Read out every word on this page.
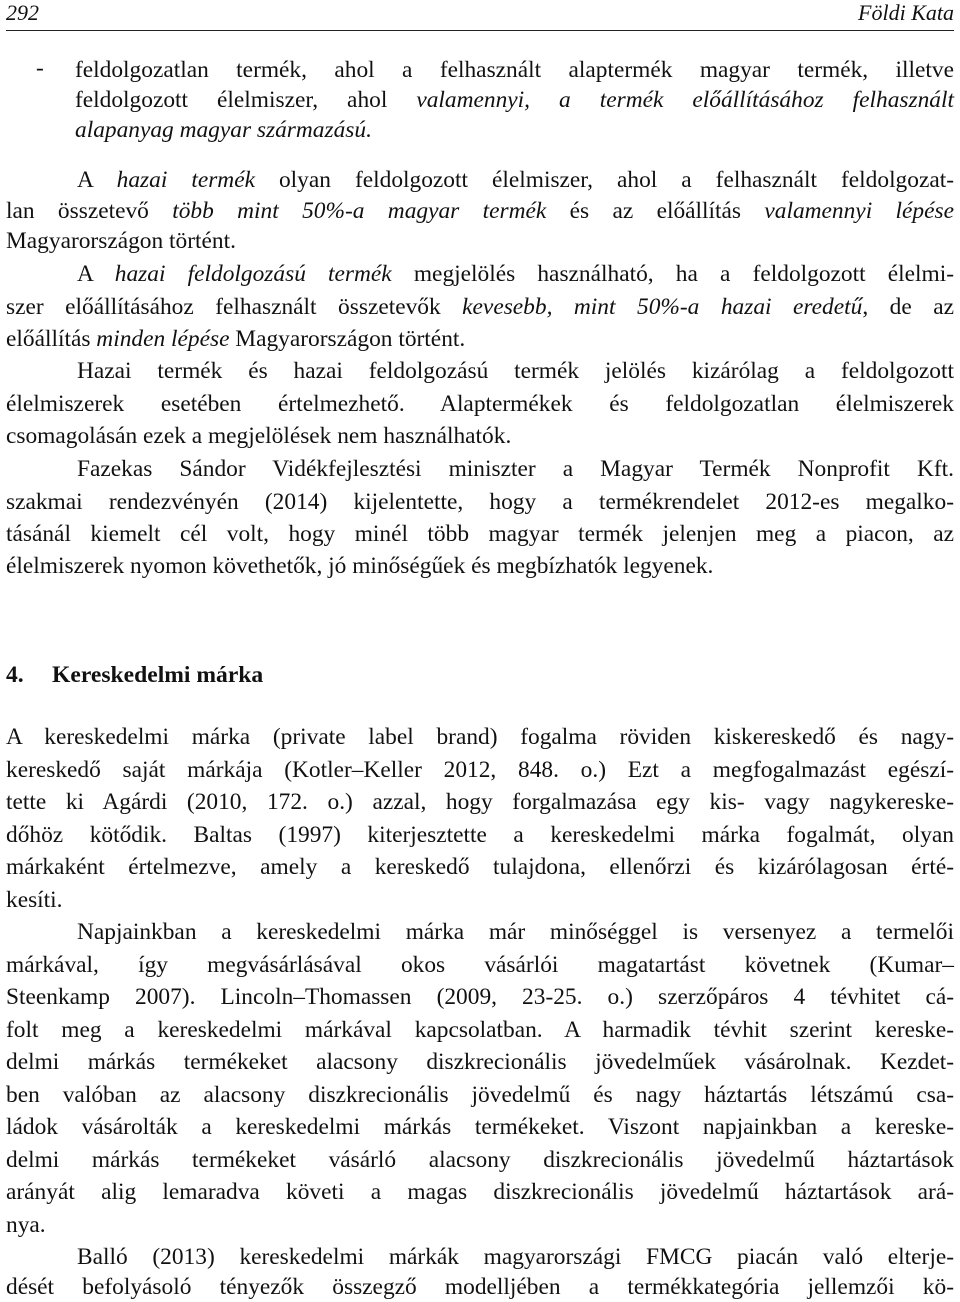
292	Földi Kata
- feldolgozatlan termék, ahol a felhasznált alaptermék magyar termék, illetve
feldolgozott élelmiszer, ahol valamennyi, a termék előállításához felhasznált
alapanyag magyar származású.
A hazai termék olyan feldolgozott élelmiszer, ahol a felhasznált feldolgozat-
lan összetevő több mint 50%-a magyar termék és az előállítás valamennyi lépése
Magyarországon történt.
A hazai feldolgozású termék megjelölés használható, ha a feldolgozott élelmi-
szer előállításához felhasznált összetevők kevesebb, mint 50%-a hazai eredetű, de az
előállítás minden lépése Magyarországon történt.
Hazai termék és hazai feldolgozású termék jelölés kizárólag a feldolgozott
élelmiszerek esetében értelmezhető. Alaptermékek és feldolgozatlan élelmiszerek
csomagolásán ezek a megjelölések nem használhatók.
Fazekas Sándor Vidékfejlesztési miniszter a Magyar Termék Nonprofit Kft.
szakmai rendezvényén (2014) kijelentette, hogy a termékrendelet 2012-es megalko-
tásánál kiemelt cél volt, hogy minél több magyar termék jelenjen meg a piacon, az
élelmiszerek nyomon követhetők, jó minőségűek és megbízhatók legyenek.
4. Kereskedelmi márka
A kereskedelmi márka (private label brand) fogalma röviden kiskereskedő és nagy-
kereskedő saját márkája (Kotler–Keller 2012, 848. o.) Ezt a megfogalmazást egészí-
tette ki Agárdi (2010, 172. o.) azzal, hogy forgalmazása egy kis- vagy nagykereske-
dőhöz kötődik. Baltas (1997) kiterjesztette a kereskedelmi márka fogalmát, olyan
márkaként értelmezve, amely a kereskedő tulajdona, ellenőrzi és kizárólagosan érté-
kesíti.
Napjainkban a kereskedelmi márka már minőséggel is versenyez a termelői
márkával, így megvásárlásával okos vásárlói magatartást követnek (Kumar–
Steenkamp 2007). Lincoln–Thomassen (2009, 23-25. o.) szerzőpáros 4 tévhitet cá-
folt meg a kereskedelmi márkával kapcsolatban. A harmadik tévhit szerint kereske-
delmi márkás termékeket alacsony diszkrecionális jövedelműek vásárolnak. Kezdet-
ben valóban az alacsony diszkrecionális jövedelmű és nagy háztartás létszámú csa-
ládok vásárolták a kereskedelmi márkás termékeket. Viszont napjainkban a kereske-
delmi márkás termékeket vásárló alacsony diszkrecionális jövedelmű háztartások
arányát alig lemaradva követi a magas diszkrecionális jövedelmű háztartások ará-
nya.
Balló (2013) kereskedelmi márkák magyarországi FMCG piacán való elterje-
dését befolyásoló tényezők összegző modelljében a termékkategória jellemzői kö-
